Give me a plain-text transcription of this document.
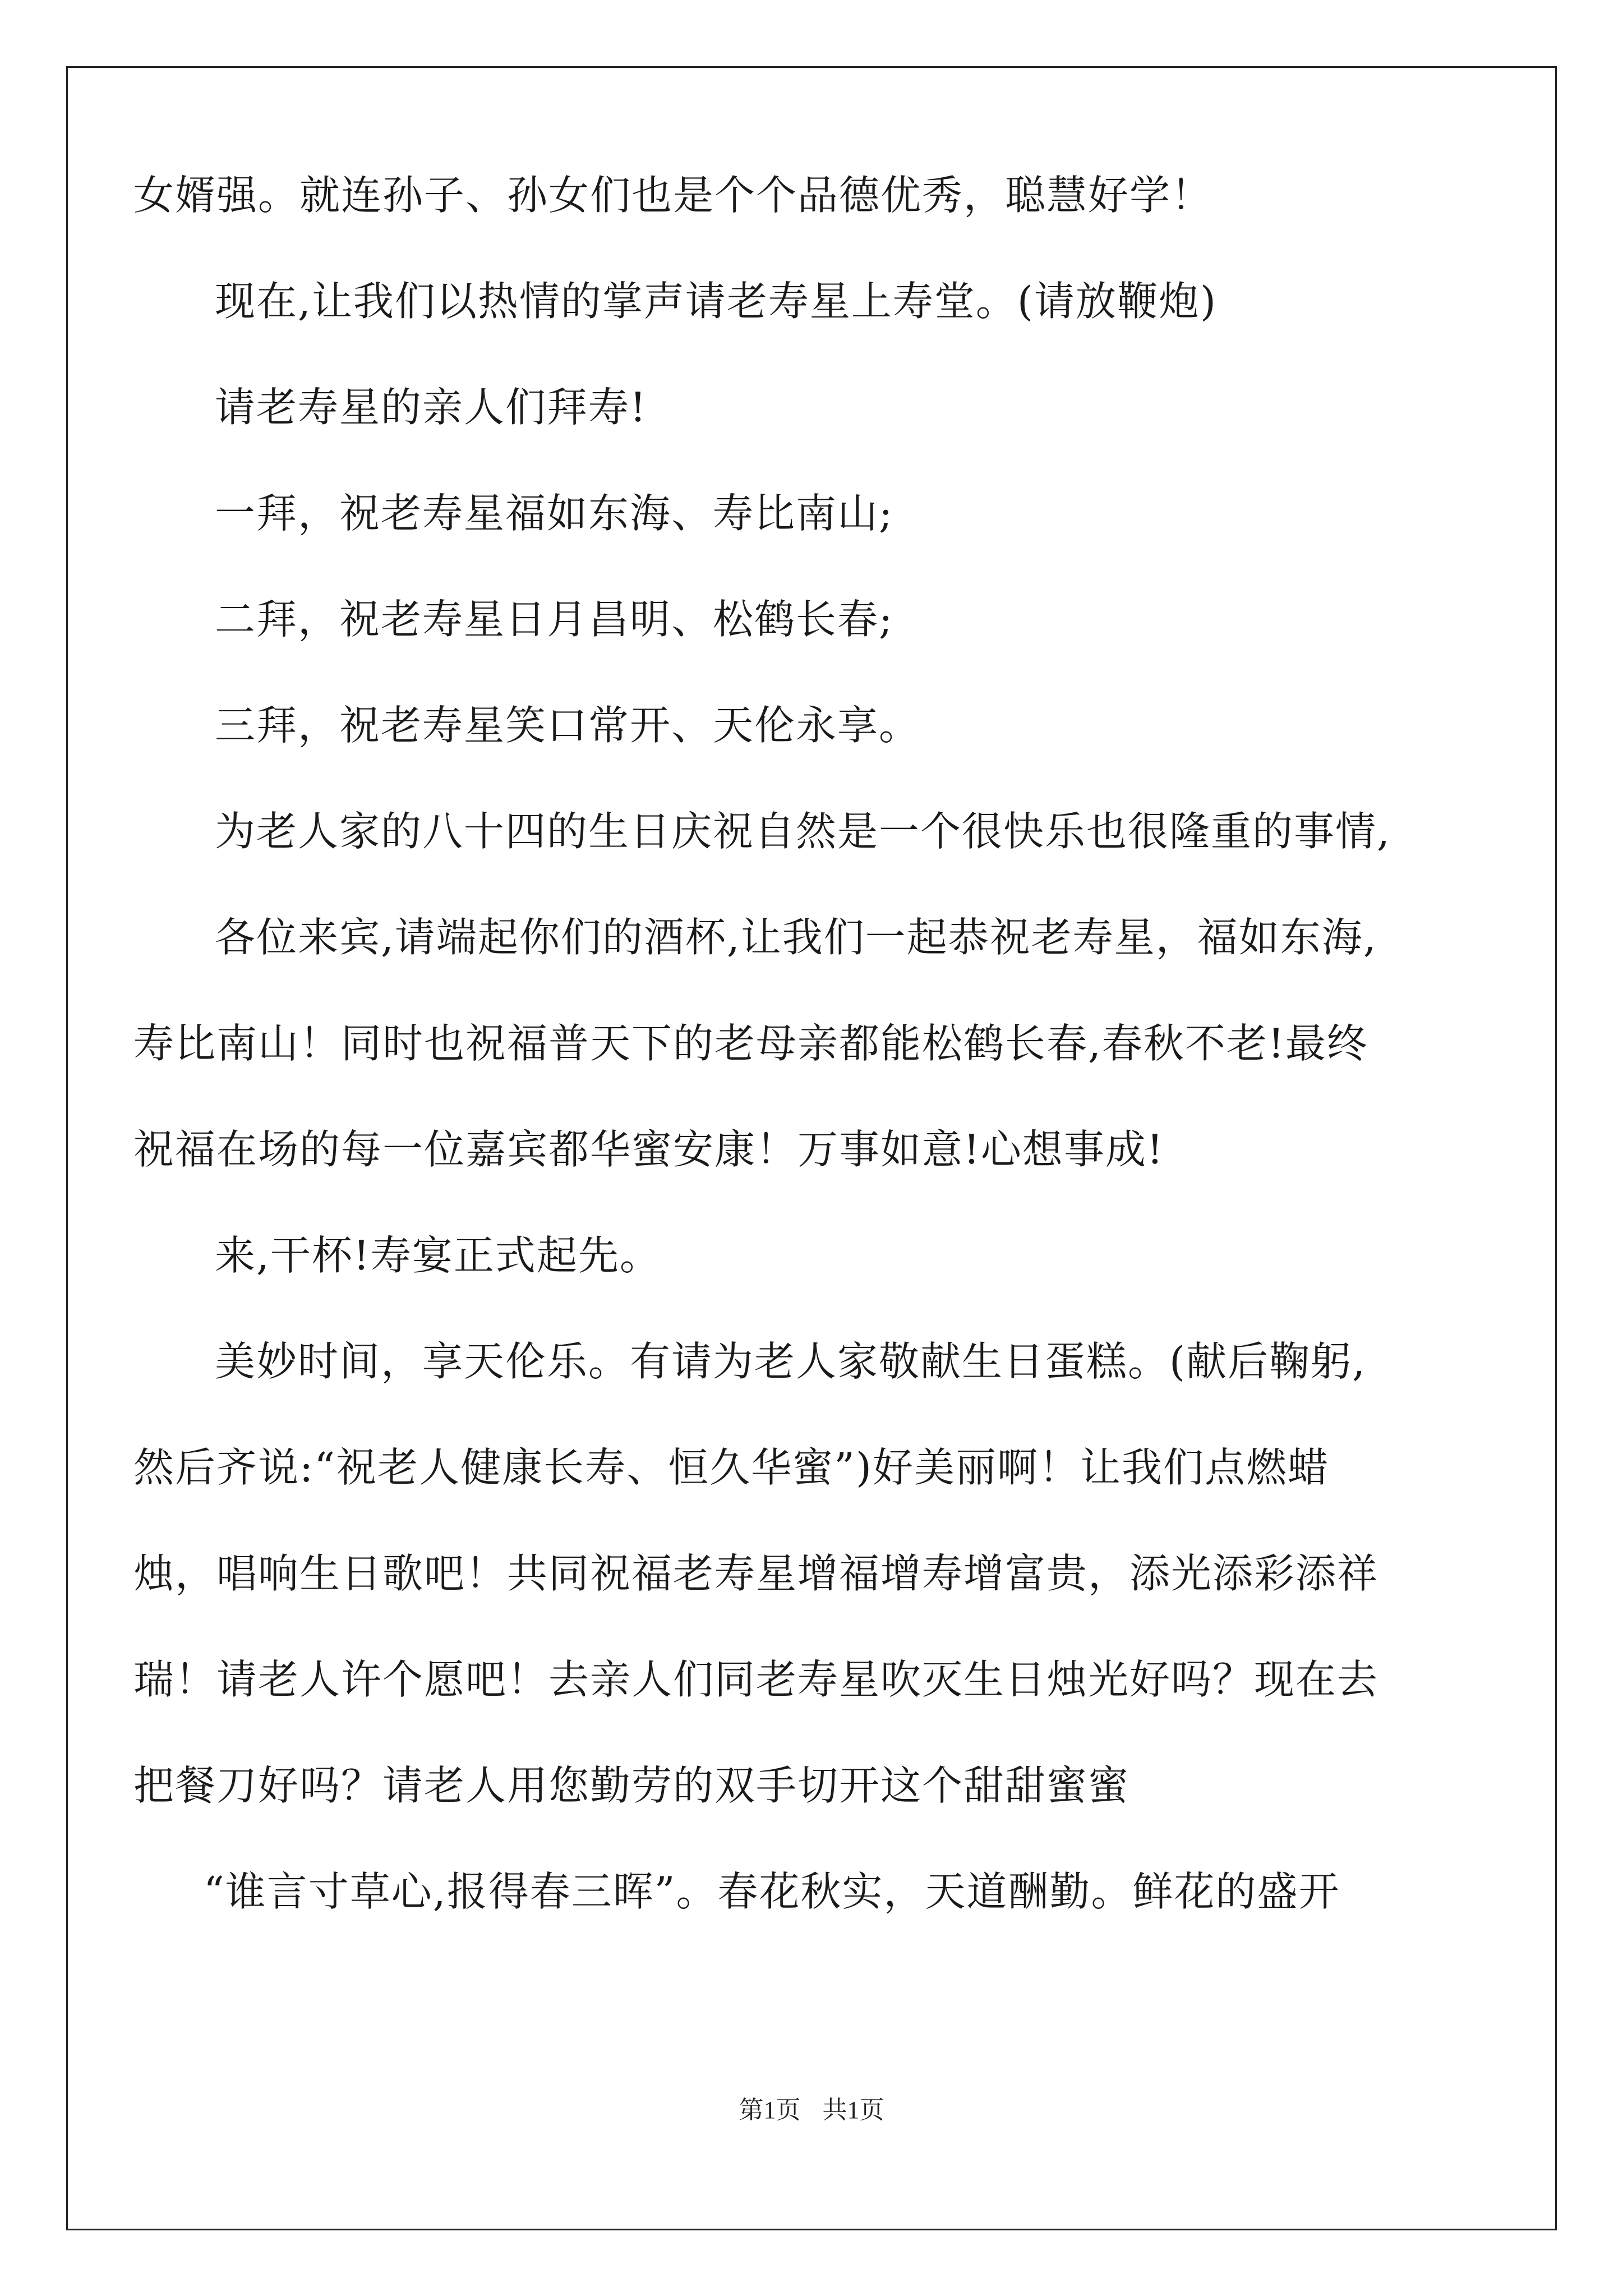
女婿强。就连孙子、孙女们也是个个品德优秀，聪慧好学！
现在,让我们以热情的掌声请老寿星上寿堂。(请放鞭炮)
请老寿星的亲人们拜寿!
一拜，祝老寿星福如东海、寿比南山;
二拜，祝老寿星日月昌明、松鹤长春;
三拜，祝老寿星笑口常开、天伦永享。
为老人家的八十四的生日庆祝自然是一个很快乐也很隆重的事情,
各位来宾,请端起你们的酒杯,让我们一起恭祝老寿星，福如东海,
寿比南山！同时也祝福普天下的老母亲都能松鹤长春,春秋不老!最终
祝福在场的每一位嘉宾都华蜜安康！万事如意!心想事成!
来,干杯!寿宴正式起先。
美妙时间，享天伦乐。有请为老人家敬献生日蛋糕。(献后鞠躬,
然后齐说:“祝老人健康长寿、恒久华蜜”)好美丽啊！让我们点燃蜡
烛，唱响生日歌吧！共同祝福老寿星增福增寿增富贵，添光添彩添祥
瑞！请老人许个愿吧！去亲人们同老寿星吹灭生日烛光好吗？现在去
把餐刀好吗？请老人用您勤劳的双手切开这个甜甜蜜蜜
“谁言寸草心,报得春三晖”。春花秋实，天道酬勤。鲜花的盛开
第1页 共1页
